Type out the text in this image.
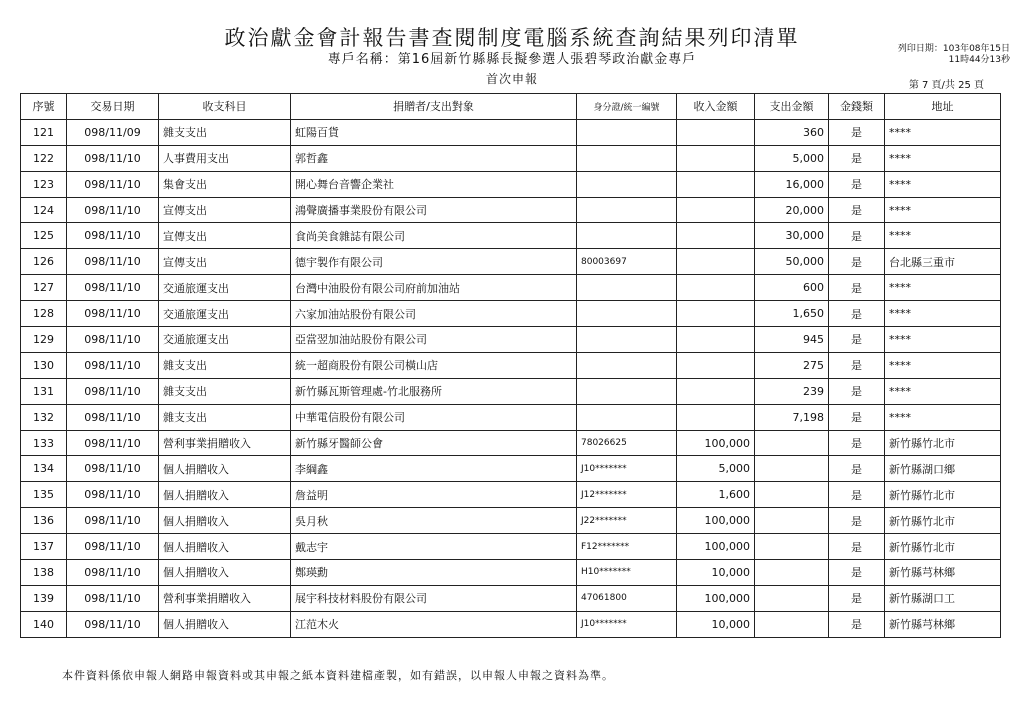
政治獻金會計報告書查閱制度電腦系統查詢結果列印清單
專戶名稱：第16屆新竹縣縣長擬參選人張碧琴政治獻金專戶
首次申報
列印日期：103年08年15日
11時44分13秒
第 7 頁/共 25 頁
序號	交易日期	收支科目	捐贈者/支出對象	身分證/統一編號	收入金額	支出金額	金錢類	地址
121	098/11/09	雜支支出	虹陽百貨			360	是	****
122	098/11/10	人事費用支出	郭哲鑫			5,000	是	****
123	098/11/10	集會支出	開心舞台音響企業社			16,000	是	****
124	098/11/10	宣傳支出	鴻聲廣播事業股份有限公司			20,000	是	****
125	098/11/10	宣傳支出	食尚美食雜誌有限公司			30,000	是	****
126	098/11/10	宣傳支出	德宇製作有限公司	80003697		50,000	是	台北縣三重市
127	098/11/10	交通旅運支出	台灣中油股份有限公司府前加油站			600	是	****
128	098/11/10	交通旅運支出	六家加油站股份有限公司			1,650	是	****
129	098/11/10	交通旅運支出	亞當翌加油站股份有限公司			945	是	****
130	098/11/10	雜支支出	統一超商股份有限公司橫山店			275	是	****
131	098/11/10	雜支支出	新竹縣瓦斯管理處-竹北服務所			239	是	****
132	098/11/10	雜支支出	中華電信股份有限公司			7,198	是	****
133	098/11/10	營利事業捐贈收入	新竹縣牙醫師公會	78026625	100,000		是	新竹縣竹北市
134	098/11/10	個人捐贈收入	李綱鑫	J10*******	5,000		是	新竹縣湖口鄉
135	098/11/10	個人捐贈收入	詹益明	J12*******	1,600		是	新竹縣竹北市
136	098/11/10	個人捐贈收入	吳月秋	J22*******	100,000		是	新竹縣竹北市
137	098/11/10	個人捐贈收入	戴志宇	F12*******	100,000		是	新竹縣竹北市
138	098/11/10	個人捐贈收入	鄭瑛勳	H10*******	10,000		是	新竹縣芎林鄉
139	098/11/10	營利事業捐贈收入	展宇科技材料股份有限公司	47061800	100,000		是	新竹縣湖口工
140	098/11/10	個人捐贈收入	江范木火	J10*******	10,000		是	新竹縣芎林鄉
本件資料係依申報人網路申報資料或其申報之紙本資料建檔產製，如有錯誤，以申報人申報之資料為準。
